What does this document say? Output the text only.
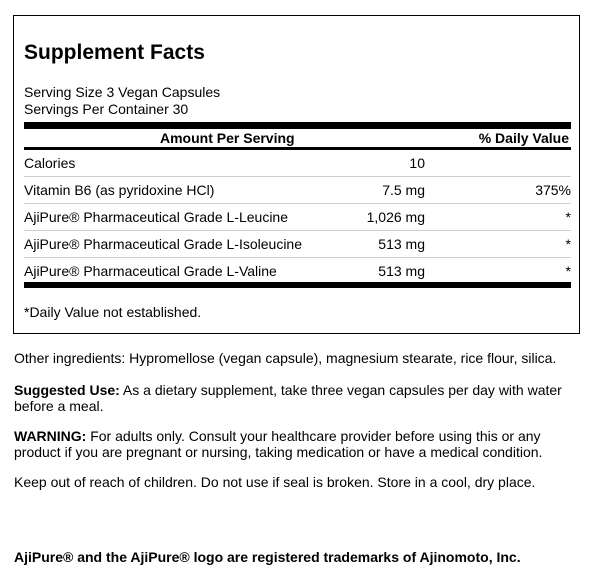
Supplement Facts
Serving Size 3 Vegan Capsules
Servings Per Container 30
Amount Per Serving	% Daily Value
Calories	10
Vitamin B6 (as pyridoxine HCl)	7.5 mg	375%
AjiPure® Pharmaceutical Grade L-Leucine	1,026 mg	*
AjiPure® Pharmaceutical Grade L-Isoleucine	513 mg	*
AjiPure® Pharmaceutical Grade L-Valine	513 mg	*
*Daily Value not established.
Other ingredients: Hypromellose (vegan capsule), magnesium stearate, rice flour, silica.
Suggested Use: As a dietary supplement, take three vegan capsules per day with water before a meal.
WARNING: For adults only. Consult your healthcare provider before using this or any product if you are pregnant or nursing, taking medication or have a medical condition.
Keep out of reach of children. Do not use if seal is broken. Store in a cool, dry place.
AjiPure® and the AjiPure® logo are registered trademarks of Ajinomoto, Inc.
